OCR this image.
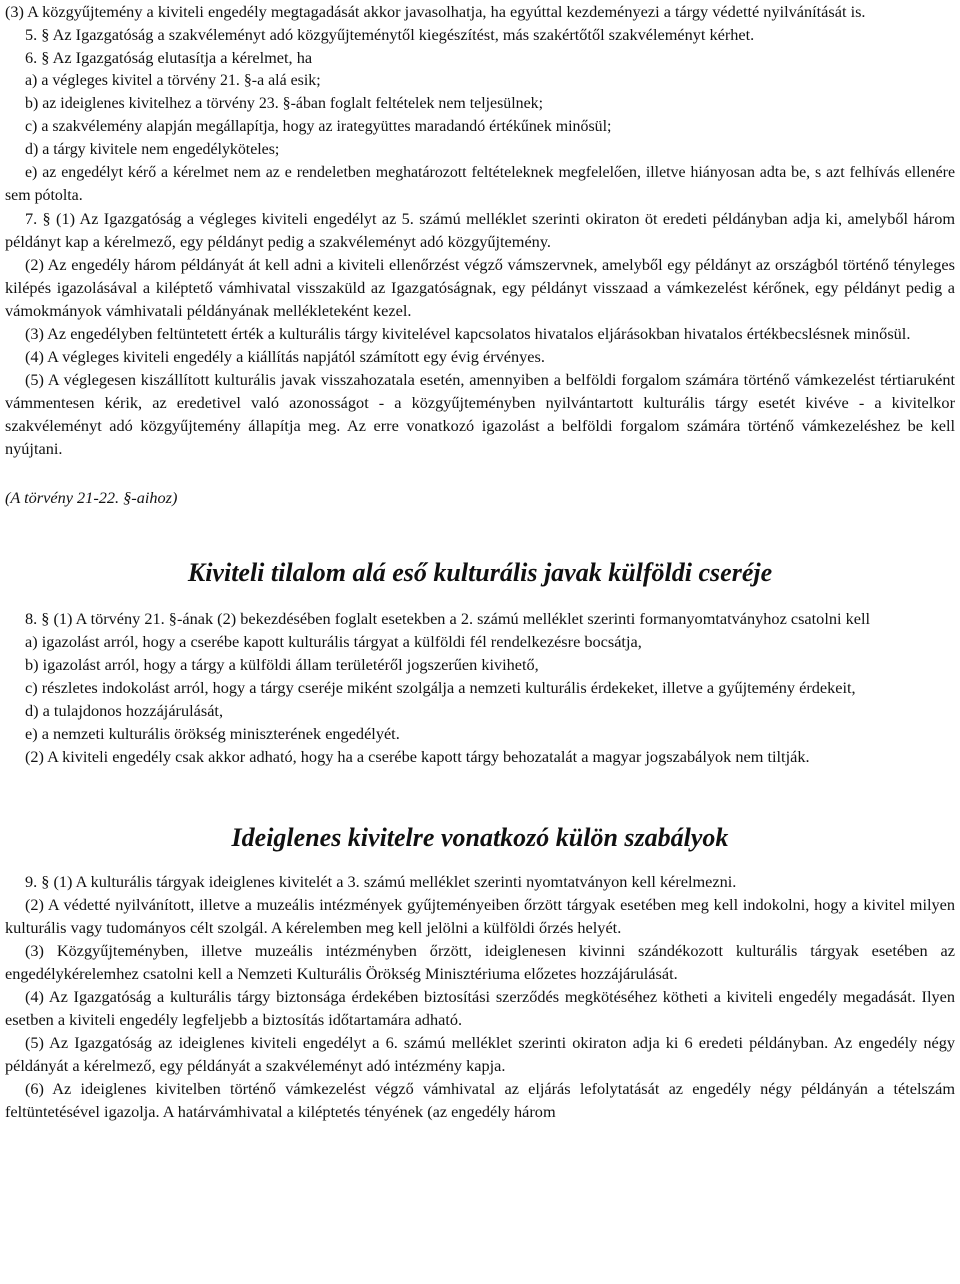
(3) A közgyűjtemény a kiviteli engedély megtagadását akkor javasolhatja, ha egyúttal kezdeményezi a tárgy védetté nyilvánítását is.

5. § Az Igazgatóság a szakvéleményt adó közgyűjteménytől kiegészítést, más szakértőtől szakvéleményt kérhet.

6. § Az Igazgatóság elutasítja a kérelmet, ha

a) a végleges kivitel a törvény 21. §-a alá esik;

b) az ideiglenes kivitelhez a törvény 23. §-ában foglalt feltételek nem teljesülnek;

c) a szakvélemény alapján megállapítja, hogy az irategyüttes maradandó értékűnek minősül;

d) a tárgy kivitele nem engedélyköteles;

e) az engedélyt kérő a kérelmet nem az e rendeletben meghatározott feltételeknek megfelelően, illetve hiányosan adta be, s azt felhívás ellenére sem pótolta.

7. § (1) Az Igazgatóság a végleges kiviteli engedélyt az 5. számú melléklet szerinti okiraton öt eredeti példányban adja ki, amelyből három példányt kap a kérelmező, egy példányt pedig a szakvéleményt adó közgyűjtemény.

(2) Az engedély három példányát át kell adni a kiviteli ellenőrzést végző vámszervnek, amelyből egy példányt az országból történő tényleges kilépés igazolásával a kiléptető vámhivatal visszaküld az Igazgatóságnak, egy példányt visszaad a vámkezelést kérőnek, egy példányt pedig a vámokmányok vámhivatali példányának mellékleteként kezel.

(3) Az engedélyben feltüntetett érték a kulturális tárgy kivitelével kapcsolatos hivatalos eljárásokban hivatalos értékbecslésnek minősül.

(4) A végleges kiviteli engedély a kiállítás napjától számított egy évig érvényes.

(5) A véglegesen kiszállított kulturális javak visszahozatala esetén, amennyiben a belföldi forgalom számára történő vámkezelést tértiaruként vámmentesen kérik, az eredetivel való azonosságot - a közgyűjteményben nyilvántartott kulturális tárgy esetét kivéve - a kivitelkor szakvéleményt adó közgyűjtemény állapítja meg. Az erre vonatkozó igazolást a belföldi forgalom számára történő vámkezeléshez be kell nyújtani.

(A törvény 21-22. §-aihoz)

Kiviteli tilalom alá eső kulturális javak külföldi cseréje

8. § (1) A törvény 21. §-ának (2) bekezdésében foglalt esetekben a 2. számú melléklet szerinti formanyomtatványhoz csatolni kell

a) igazolást arról, hogy a cserébe kapott kulturális tárgyat a külföldi fél rendelkezésre bocsátja,

b) igazolást arról, hogy a tárgy a külföldi állam területéről jogszerűen kivihető,

c) részletes indokolást arról, hogy a tárgy cseréje miként szolgálja a nemzeti kulturális érdekeket, illetve a gyűjtemény érdekeit,

d) a tulajdonos hozzájárulását,

e) a nemzeti kulturális örökség miniszterének engedélyét.

(2) A kiviteli engedély csak akkor adható, hogy ha a cserébe kapott tárgy behozatalát a magyar jogszabályok nem tiltják.

Ideiglenes kivitelre vonatkozó külön szabályok

9. § (1) A kulturális tárgyak ideiglenes kivitelét a 3. számú melléklet szerinti nyomtatványon kell kérelmezni.

(2) A védetté nyilvánított, illetve a muzeális intézmények gyűjteményeiben őrzött tárgyak esetében meg kell indokolni, hogy a kivitel milyen kulturális vagy tudományos célt szolgál. A kérelemben meg kell jelölni a külföldi őrzés helyét.

(3) Közgyűjteményben, illetve muzeális intézményben őrzött, ideiglenesen kivinni szándékozott kulturális tárgyak esetében az engedélykérelemhez csatolni kell a Nemzeti Kulturális Örökség Minisztériuma előzetes hozzájárulását.

(4) Az Igazgatóság a kulturális tárgy biztonsága érdekében biztosítási szerződés megkötéséhez kötheti a kiviteli engedély megadását. Ilyen esetben a kiviteli engedély legfeljebb a biztosítás időtartamára adható.

(5) Az Igazgatóság az ideiglenes kiviteli engedélyt a 6. számú melléklet szerinti okiraton adja ki 6 eredeti példányban. Az engedély négy példányát a kérelmező, egy példányát a szakvéleményt adó intézmény kapja.

(6) Az ideiglenes kivitelben történő vámkezelést végző vámhivatal az eljárás lefolytatását az engedély négy példányán a tételszám feltüntetésével igazolja. A határvámhivatal a kiléptetés tényének (az engedély három
